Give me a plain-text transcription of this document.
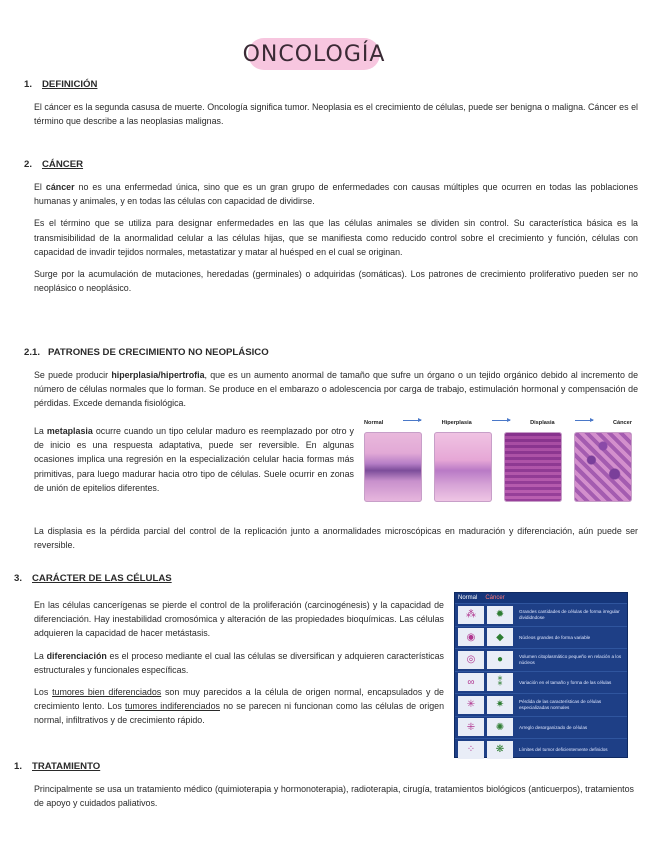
ONCOLOGÍA
1. DEFINICIÓN

El cáncer es la segunda casusa de muerte. Oncología significa tumor. Neoplasia es el crecimiento de células, puede ser benigna o maligna. Cáncer es el término que describe a las neoplasias malignas.

2. CÁNCER

El cáncer no es una enfermedad única, sino que es un gran grupo de enfermedades con causas múltiples que ocurren en todas las poblaciones humanas y animales, y en todas las células con capacidad de dividirse.

Es el término que se utiliza para designar enfermedades en las que las células animales se dividen sin control. Su característica básica es la transmisibilidad de la anormalidad celular a las células hijas, que se manifiesta como reducido control sobre el crecimiento y función, células con capacidad de invadir tejidos normales, metastatizar y matar al huésped en el cual se originan.

Surge por la acumulación de mutaciones, heredadas (germinales) o adquiridas (somáticas). Los patrones de crecimiento proliferativo pueden ser no neoplásico o neoplásico.

2.1. PATRONES DE CRECIMIENTO NO NEOPLÁSICO

Se puede producir hiperplasia/hipertrofia, que es un aumento anormal de tamaño que sufre un órgano o un tejido orgánico debido al incremento de número de células normales que lo forman. Se produce en el embarazo o adolescencia por carga de trabajo, estimulación hormonal y compensación de pérdidas. Excede demanda fisiológica.

La metaplasia ocurre cuando un tipo celular maduro es reemplazado por otro y de inicio es una respuesta adaptativa, puede ser reversible. En algunas ocasiones implica una regresión en la especialización celular hacia formas más primitivas, para luego madurar hacia otro tipo de células. Suele ocurrir en zonas de unión de epitelios diferentes.

Normal	Hiperplasia	Displasia	Cáncer

La displasia es la pérdida parcial del control de la replicación junto a anormalidades microscópicas en maduración y diferenciación, aún puede ser reversible.

3. CARÁCTER DE LAS CÉLULAS

En las células cancerígenas se pierde el control de la proliferación (carcinogénesis) y la capacidad de diferenciación. Hay inestabilidad cromosómica y alteración de las propiedades bioquímicas. Las células adquieren la capacidad de hacer metástasis.

La diferenciación es el proceso mediante el cual las células se diversifican y adquieren características estructurales y funcionales específicas.

Los tumores bien diferenciados son muy parecidos a la célula de origen normal, encapsulados y de crecimiento lento. Los tumores indiferenciados no se parecen ni funcionan como las células de origen normal, infiltrativos y de crecimiento rápido.

Normal Cáncer
⁂	✹	Grandes cantidades de células de forma irregular divididndose
◉	◆	Núcleos grandes de forma variable
◎	●	Volumen citoplasmático pequeño en relación a los núcleos
∞	⁑	Variación en el tamaño y forma de las células
✳	✷	Pérdida de las características de células especializadas normales
⁜	✺	Arreglo desorganizado de células
⁘	❋	Límites del tumor deficientemente definidos
1. TRATAMIENTO

Principalmente se usa un tratamiento médico (quimioterapia y hormonoterapia), radioterapia, cirugía, tratamientos biológicos (anticuerpos), tratamientos de apoyo y cuidados paliativos.
